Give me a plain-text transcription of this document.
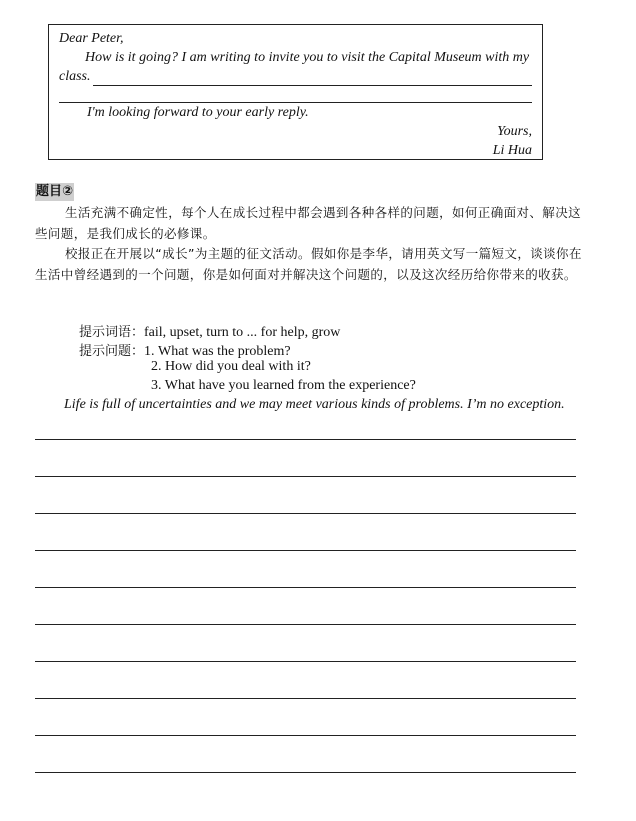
Dear Peter,
How is it going? I am writing to invite you to visit the Capital Museum with my
class.
I'm looking forward to your early reply.
Yours,
Li Hua
题目②
生活充满不确定性，每个人在成长过程中都会遇到各种各样的问题，如何正确面对、解决这些问题，是我们成长的必修课。
校报正在开展以“成长”为主题的征文活动。假如你是李华，请用英文写一篇短文，谈谈你在生活中曾经遇到的一个问题，你是如何面对并解决这个问题的，以及这次经历给你带来的收获。
提示词语：fail, upset, turn to ... for help, grow
提示问题：1. What was the problem?
2. How did you deal with it?
3. What have you learned from the experience?
Life is full of uncertainties and we may meet various kinds of problems. I’m no exception.
